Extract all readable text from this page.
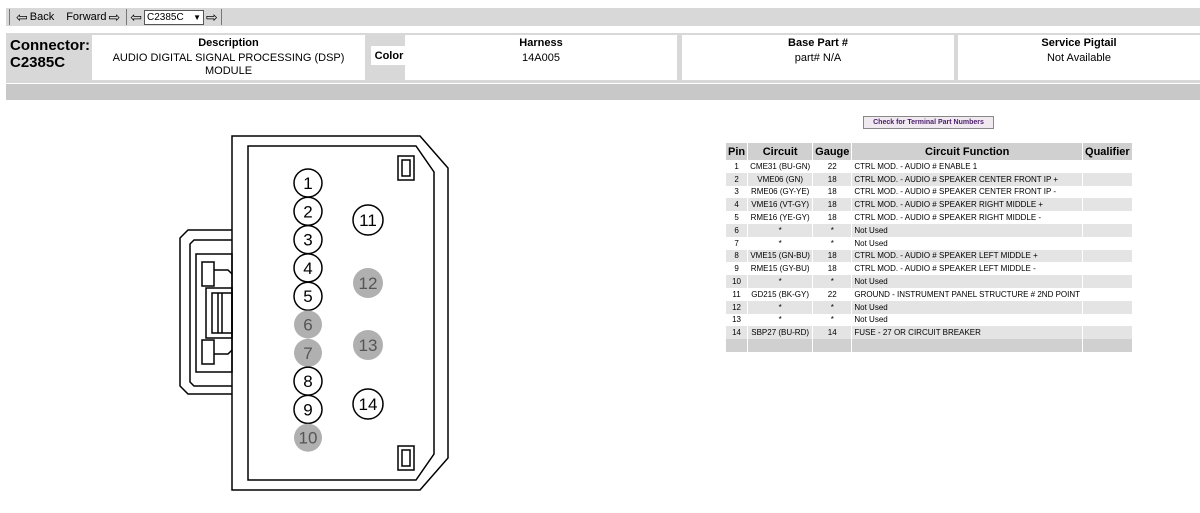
⇦ Back Forward ⇨ ⇦ C2385C ▼ ⇨
Connector:
C2385C
Description
AUDIO DIGITAL SIGNAL PROCESSING (DSP) MODULE
Color
Harness
14A005
Base Part #
part# N/A
Service Pigtail
Not Available
1
2
3
4
5
6
7
8
9
10
11
12
13
14
Check for Terminal Part Numbers
Pin	Circuit	Gauge	Circuit Function	Qualifier
1	CME31 (BU-GN)	22	CTRL MOD. - AUDIO # ENABLE 1	
2	VME06 (GN)	18	CTRL MOD. - AUDIO # SPEAKER CENTER FRONT IP +	
3	RME06 (GY-YE)	18	CTRL MOD. - AUDIO # SPEAKER CENTER FRONT IP -	
4	VME16 (VT-GY)	18	CTRL MOD. - AUDIO # SPEAKER RIGHT MIDDLE +	
5	RME16 (YE-GY)	18	CTRL MOD. - AUDIO # SPEAKER RIGHT MIDDLE -	
6	*	*	Not Used	
7	*	*	Not Used	
8	VME15 (GN-BU)	18	CTRL MOD. - AUDIO # SPEAKER LEFT MIDDLE +	
9	RME15 (GY-BU)	18	CTRL MOD. - AUDIO # SPEAKER LEFT MIDDLE -	
10	*	*	Not Used	
11	GD215 (BK-GY)	22	GROUND - INSTRUMENT PANEL STRUCTURE # 2ND POINT	
12	*	*	Not Used	
13	*	*	Not Used	
14	SBP27 (BU-RD)	14	FUSE - 27 OR CIRCUIT BREAKER	
